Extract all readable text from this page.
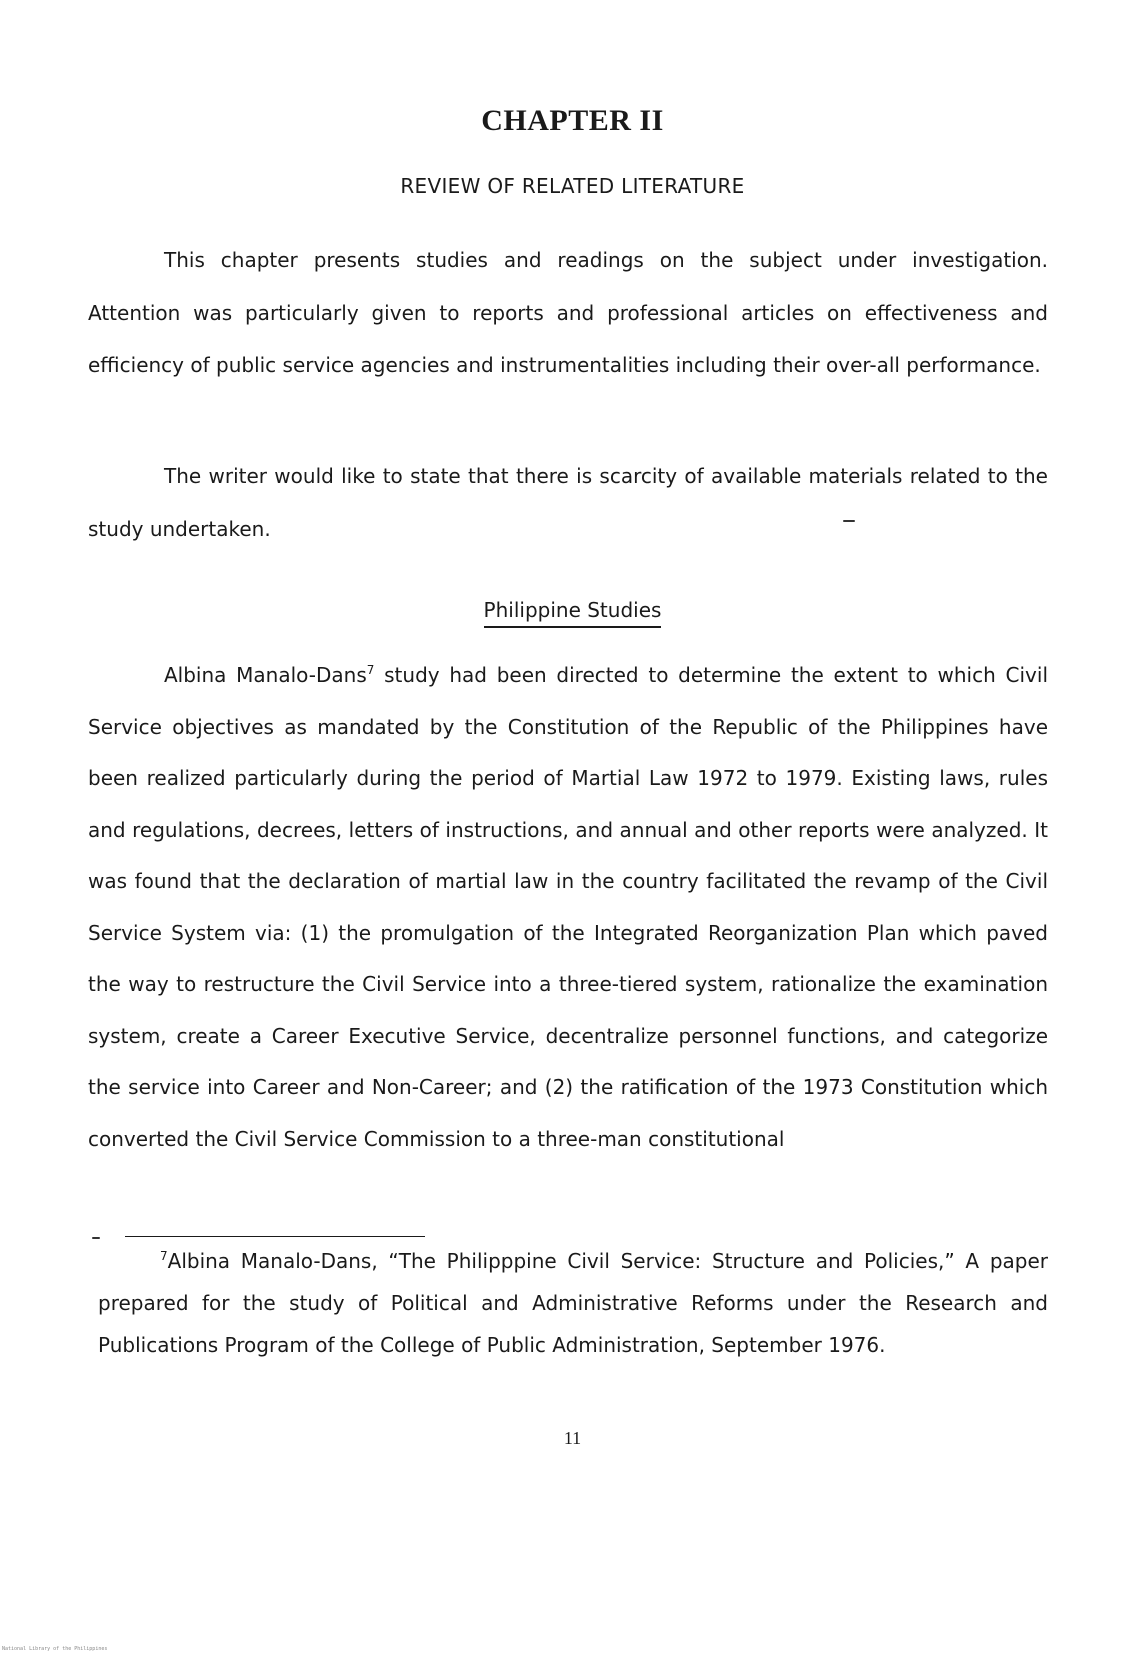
CHAPTER II
REVIEW OF RELATED LITERATURE

This chapter presents studies and readings on the subject under investigation. Attention was particularly given to reports and professional articles on effectiveness and efficiency of public service agencies and instrumentalities including their over-all performance.

The writer would like to state that there is scarcity of available materials related to the study undertaken.

Philippine Studies

Albina Manalo-Dans$^7$ study had been directed to determine the extent to which Civil Service objectives as mandated by the Constitution of the Republic of the Philippines have been realized particularly during the period of Martial Law 1972 to 1979. Existing laws, rules and regulations, decrees, letters of instructions, and annual and other reports were analyzed. It was found that the declaration of martial law in the country facilitated the revamp of the Civil Service System via: (1) the promulgation of the Integrated Reorganization Plan which paved the way to restructure the Civil Service into a three-tiered system, rationalize the examination system, create a Career Executive Service, decentralize personnel functions, and categorize the service into Career and Non-Career; and (2) the ratification of the 1973 Constitution which converted the Civil Service Commission to a three-man constitutional

$^7$Albina Manalo-Dans, “The Philipppine Civil Service: Structure and Policies,” A paper prepared for the study of Political and Administrative Reforms under the Research and Publications Program of the College of Public Administration, September 1976.

11
National Library of the Philippines
